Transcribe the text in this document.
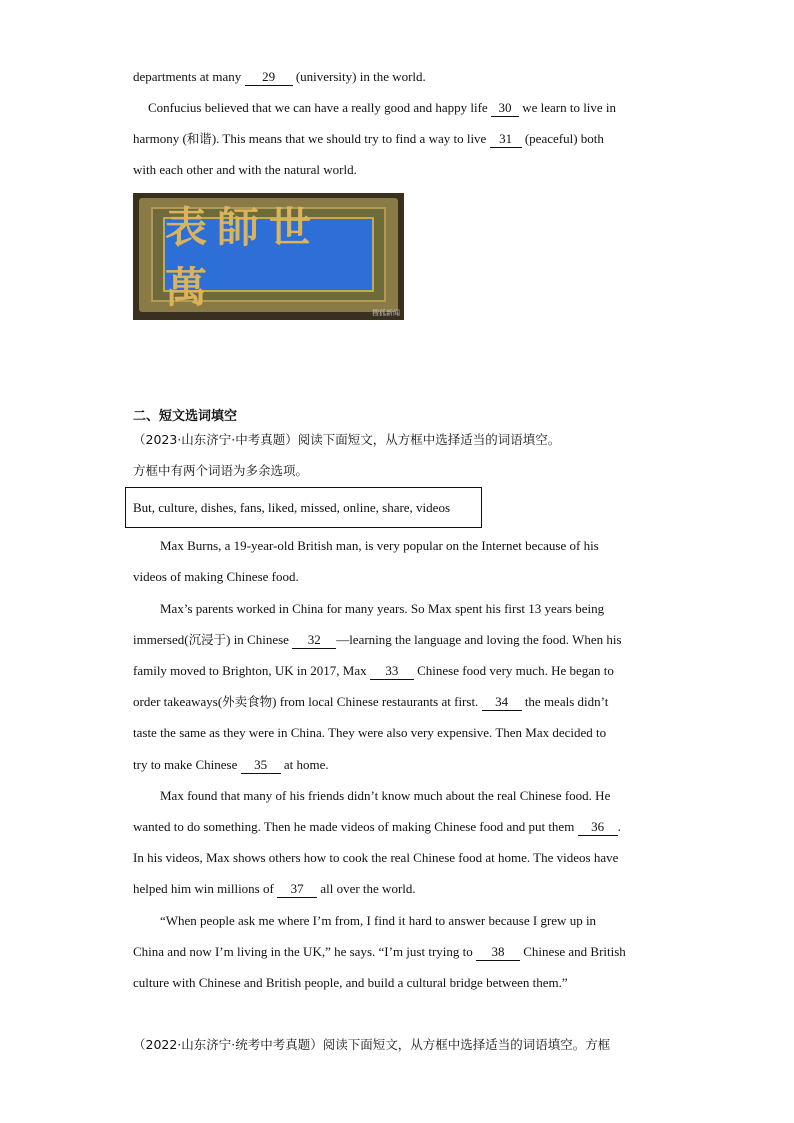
departments at many 29 (university) in the world.
Confucius believed that we can have a really good and happy life 30 we learn to live in
harmony (和谐). This means that we should try to find a way to live 31 (peaceful) both
with each other and with the natural world.
表師世萬
搜狐新闻
二、短文选词填空
（2023·山东济宁·中考真题）阅读下面短文，从方框中选择适当的词语填空。
方框中有两个词语为多余选项。
But, culture, dishes, fans, liked, missed, online, share, videos
Max Burns, a 19-year-old British man, is very popular on the Internet because of his
videos of making Chinese food.
Max’s parents worked in China for many years. So Max spent his first 13 years being
immersed(沉浸于) in Chinese 32 —learning the language and loving the food. When his
family moved to Brighton, UK in 2017, Max 33 Chinese food very much. He began to
order takeaways(外卖食物) from local Chinese restaurants at first. 34 the meals didn’t
taste the same as they were in China. They were also very expensive. Then Max decided to
try to make Chinese 35 at home.
Max found that many of his friends didn’t know much about the real Chinese food. He
wanted to do something. Then he made videos of making Chinese food and put them 36 .
In his videos, Max shows others how to cook the real Chinese food at home. The videos have
helped him win millions of 37 all over the world.
“When people ask me where I’m from, I find it hard to answer because I grew up in
China and now I’m living in the UK,” he says. “I’m just trying to 38 Chinese and British
culture with Chinese and British people, and build a cultural bridge between them.”
（2022·山东济宁·统考中考真题）阅读下面短文，从方框中选择适当的词语填空。方框
